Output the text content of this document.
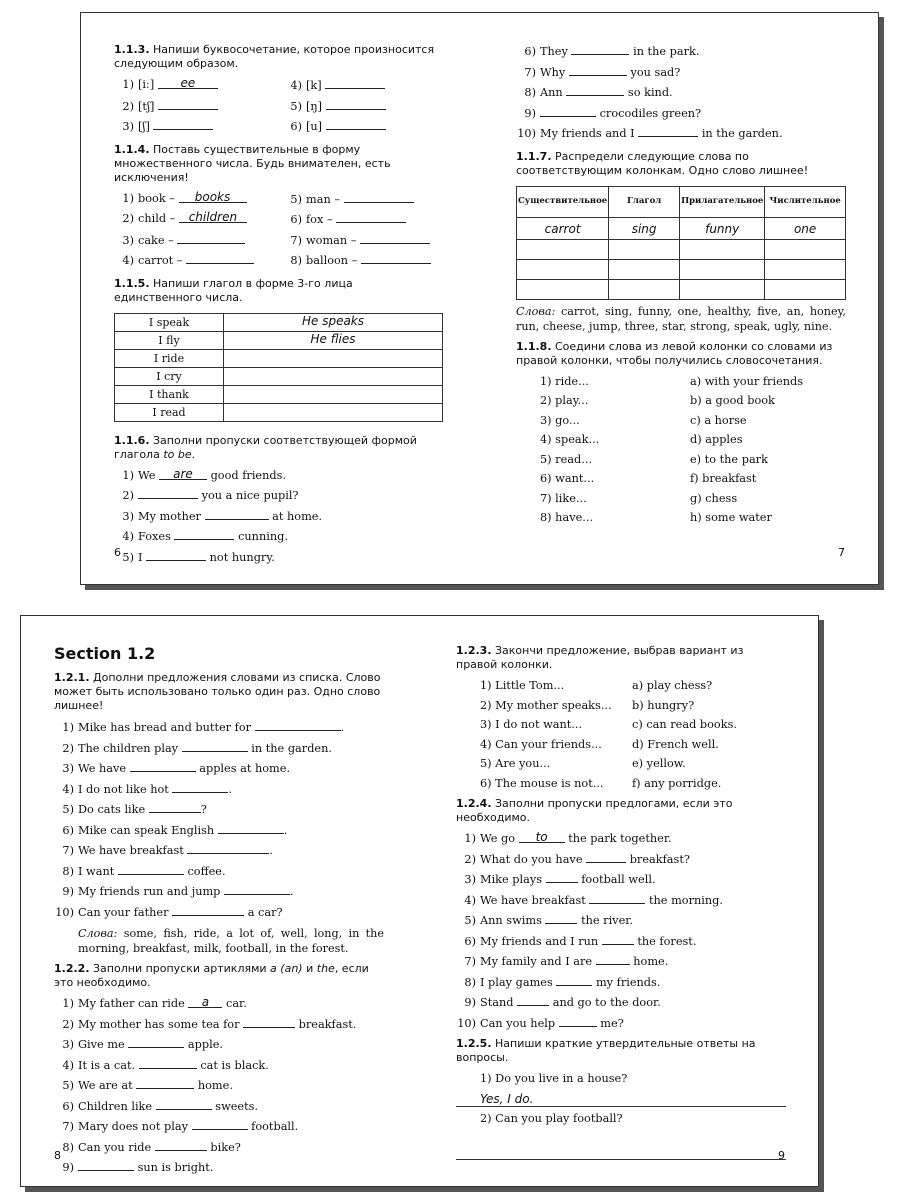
1.1.3. Напиши буквосочетание, которое произносится следующим образом.

1) [iː] ee	4) [k]
2) [tʃ]	5) [ŋ]
3) [ʃ]	6) [u]

1.1.4. Поставь существительные в форму множественного числа. Будь внимателен, есть исключения!

1) book – books	5) man –
2) child – children	6) fox –
3) cake –	7) woman –
4) carrot –	8) balloon –

1.1.5. Напиши глагол в форме 3-го лица единственного числа.

I speak	He speaks
I fly	He flies
I ride	
I cry	
I thank	
I read	

1.1.6. Заполни пропуски соответствующей формой глагола to be.

1) We are good friends.
2)	you a nice pupil?
3) My mother	at home.
4) Foxes	cunning.
5) I	not hungry.
6
6) They	in the park.
7) Why	you sad?
8) Ann	so kind.
9)	crocodiles green?
10) My friends and I	in the garden.

1.1.7. Распредели следующие слова по соответствующим колонкам. Одно слово лишнее!

Существительное	Глагол	Прилагательное	Числительное
carrot	sing	funny	one

Слова: carrot, sing, funny, one, healthy, five, an, honey, run, cheese, jump, three, star, strong, speak, ugly, nine.

1.1.8. Соедини слова из левой колонки со словами из правой колонки, чтобы получились словосочетания.

1) ride...	a) with your friends
2) play...	b) a good book
3) go...	c) a horse
4) speak...	d) apples
5) read...	e) to the park
6) want...	f) breakfast
7) like...	g) chess
8) have...	h) some water
7
Section 1.2

1.2.1. Дополни предложения словами из списка. Слово может быть использовано только один раз. Одно слово лишнее!

1) Mike has bread and butter for	.
2) The children play	in the garden.
3) We have	apples at home.
4) I do not like hot	.
5) Do cats like	?
6) Mike can speak English	.
7) We have breakfast	.
8) I want	coffee.
9) My friends run and jump	.
10) Can your father	a car?

Слова: some, fish, ride, a lot of, well, long, in the morning, breakfast, milk, football, in the forest.

1.2.2. Заполни пропуски артиклями a (an) и the, если это необходимо.

1) My father can ride a car.
2) My mother has some tea for	breakfast.
3) Give me	apple.
4) It is a cat.	cat is black.
5) We are at	home.
6) Children like	sweets.
7) Mary does not play	football.
8) Can you ride	bike?
9)	sun is bright.
8

1.2.3. Закончи предложение, выбрав вариант из правой колонки.

1) Little Tom...	a) play chess?
2) My mother speaks...	b) hungry?
3) I do not want...	c) can read books.
4) Can your friends...	d) French well.
5) Are you...	e) yellow.
6) The mouse is not...	f) any porridge.

1.2.4. Заполни пропуски предлогами, если это необходимо.

1) We go to the park together.
2) What do you have	breakfast?
3) Mike plays	football well.
4) We have breakfast	the morning.
5) Ann swims	the river.
6) My friends and I run	the forest.
7) My family and I are	home.
8) I play games	my friends.
9) Stand	and go to the door.
10) Can you help	me?

1.2.5. Напиши краткие утвердительные ответы на вопросы.

1) Do you live in a house?
Yes, I do.
2) Can you play football?
9
